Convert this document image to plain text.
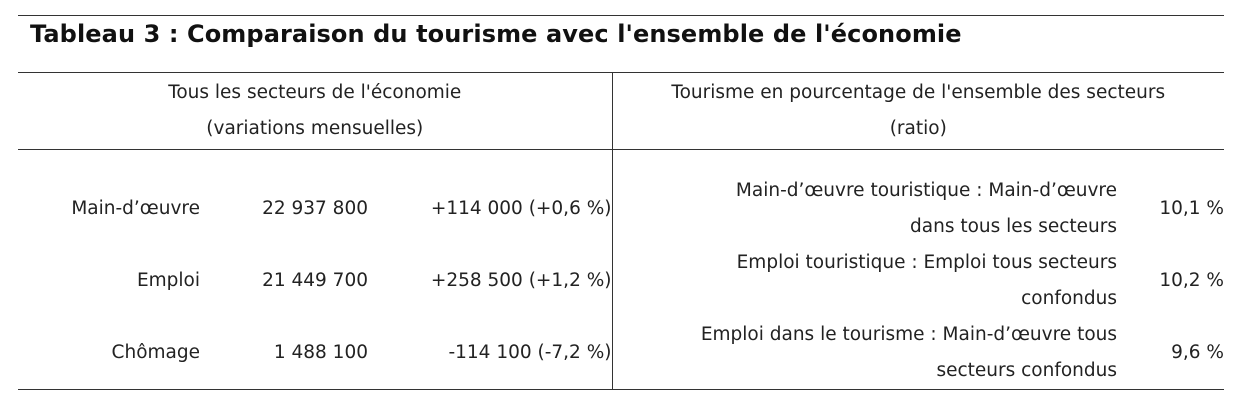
Tableau 3 : Comparaison du tourisme avec l'ensemble de l'économie
Tous les secteurs de l'économie
(variations mensuelles)			Tourisme en pourcentage de l'ensemble des secteurs
(ratio)	

Main-d’œuvre	22 937 800	+114 000 (+0,6 %)	Main-d’œuvre touristique : Main-d’œuvre
dans tous les secteurs	10,1 %
Emploi	21 449 700	+258 500 (+1,2 %)	Emploi touristique : Emploi tous secteurs
confondus	10,2 %
Chômage	1 488 100	-114 100 (-7,2 %)	Emploi dans le tourisme : Main-d’œuvre tous
secteurs confondus	9,6 %
